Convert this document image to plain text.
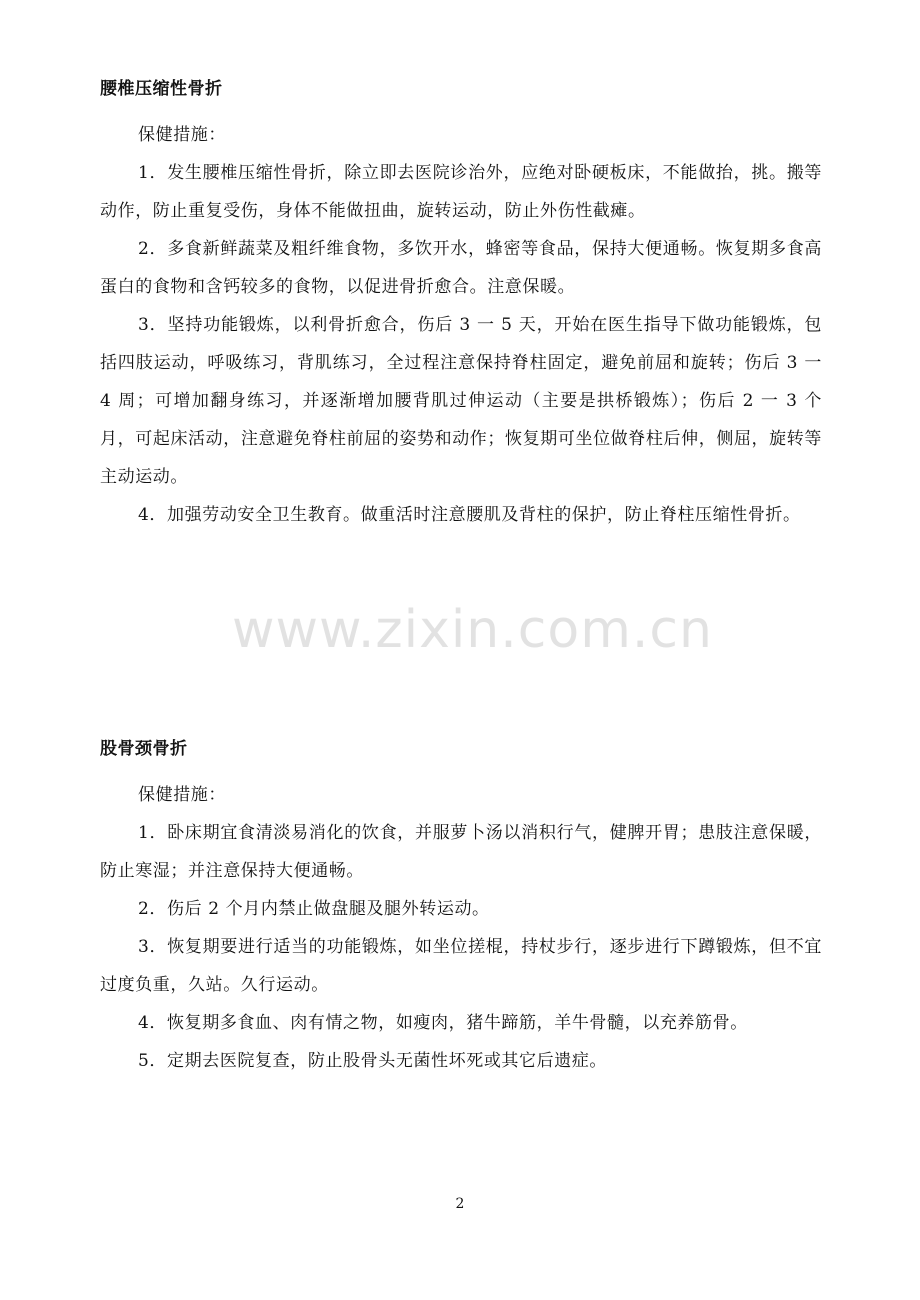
腰椎压缩性骨折

保健措施：

1．发生腰椎压缩性骨折，除立即去医院诊治外，应绝对卧硬板床，不能做抬，挑。搬等动作，防止重复受伤，身体不能做扭曲，旋转运动，防止外伤性截瘫。

2．多食新鲜蔬菜及粗纤维食物，多饮开水，蜂密等食品，保持大便通畅。恢复期多食高蛋白的食物和含钙较多的食物，以促进骨折愈合。注意保暖。

3．坚持功能锻炼，以利骨折愈合，伤后 3 一 5 天，开始在医生指导下做功能锻炼，包括四肢运动，呼吸练习，背肌练习，全过程注意保持脊柱固定，避免前屈和旋转；伤后 3 一 4 周；可增加翻身练习，并逐渐增加腰背肌过伸运动（主要是拱桥锻炼）；伤后 2 一 3 个月，可起床活动，注意避免脊柱前屈的姿势和动作；恢复期可坐位做脊柱后伸，侧屈，旋转等主动运动。

4．加强劳动安全卫生教育。做重活时注意腰肌及背柱的保护，防止脊柱压缩性骨折。

www.zixin.com.cn
股骨颈骨折

保健措施：

1．卧床期宜食清淡易消化的饮食，并服萝卜汤以消积行气，健脾开胃；患肢注意保暖，防止寒湿；并注意保持大便通畅。

2．伤后 2 个月内禁止做盘腿及腿外转运动。

3．恢复期要进行适当的功能锻炼，如坐位搓棍，持杖步行，逐步进行下蹲锻炼，但不宜过度负重，久站。久行运动。

4．恢复期多食血、肉有情之物，如瘦肉，猪牛蹄筋，羊牛骨髓，以充养筋骨。

5．定期去医院复查，防止股骨头无菌性坏死或其它后遗症。

2
